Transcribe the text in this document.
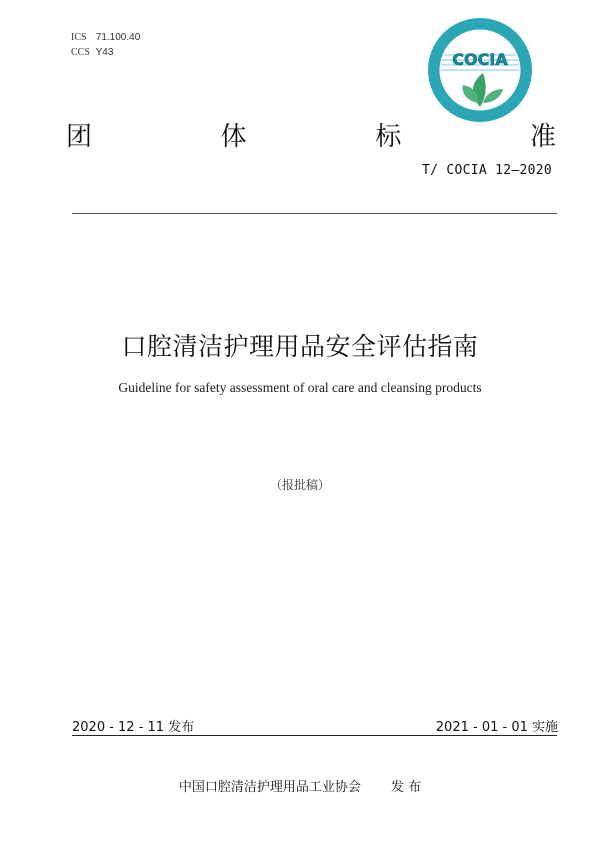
ICS 71.100.40
CCS Y43	COCIA
团	体	标	准
T/ COCIA 12—2020
口腔清洁护理用品安全评估指南
Guideline for safety assessment of oral care and cleansing products
（报批稿）
2020 - 12 - 11 发布	2021 - 01 - 01 实施
中国口腔清洁护理用品工业协会 发 布
